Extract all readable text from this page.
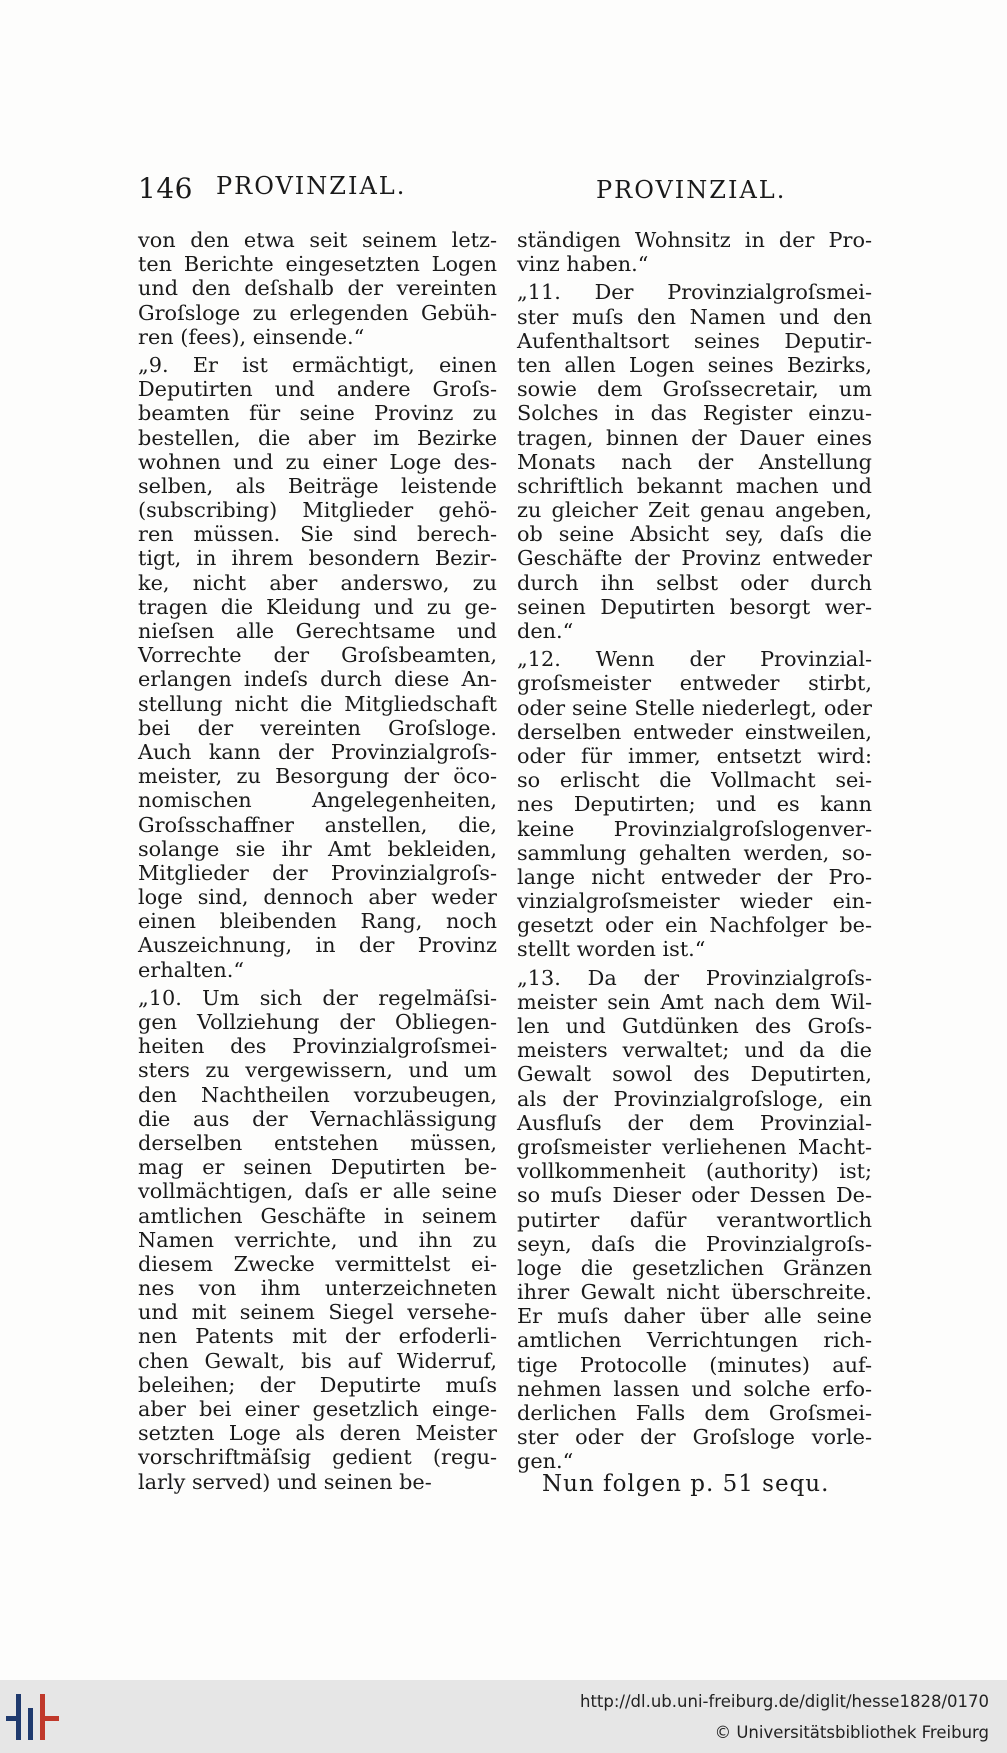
146 PROVINZIAL.	PROVINZIAL.
von den etwa seit seinem letz-
ten Berichte eingesetzten Logen
und den deſshalb der vereinten
Groſsloge zu erlegenden Gebüh-
ren (fees), einsende.“
„9. Er ist ermächtigt, einen
Deputirten und andere Groſs-
beamten für seine Provinz zu
bestellen, die aber im Bezirke
wohnen und zu einer Loge des-
selben, als Beiträge leistende
(subscribing) Mitglieder gehö-
ren müssen. Sie sind berech-
tigt, in ihrem besondern Bezir-
ke, nicht aber anderswo, zu
tragen die Kleidung und zu ge-
nieſsen alle Gerechtsame und
Vorrechte der Groſsbeamten,
erlangen indeſs durch diese An-
stellung nicht die Mitgliedschaft
bei der vereinten Groſsloge.
Auch kann der Provinzialgroſs-
meister, zu Besorgung der öco-
nomischen Angelegenheiten,
Groſsschaffner anstellen, die,
solange sie ihr Amt bekleiden,
Mitglieder der Provinzialgroſs-
loge sind, dennoch aber weder
einen bleibenden Rang, noch
Auszeichnung, in der Provinz
erhalten.“
„10. Um sich der regelmäſsi-
gen Vollziehung der Obliegen-
heiten des Provinzialgroſsmei-
sters zu vergewissern, und um
den Nachtheilen vorzubeugen,
die aus der Vernachlässigung
derselben entstehen müssen,
mag er seinen Deputirten be-
vollmächtigen, daſs er alle seine
amtlichen Geschäfte in seinem
Namen verrichte, und ihn zu
diesem Zwecke vermittelst ei-
nes von ihm unterzeichneten
und mit seinem Siegel versehe-
nen Patents mit der erfoderli-
chen Gewalt, bis auf Widerruf,
beleihen; der Deputirte muſs
aber bei einer gesetzlich einge-
setzten Loge als deren Meister
vorschriftmäſsig gedient (regu-
larly served) und seinen be-
ständigen Wohnsitz in der Pro-
vinz haben.“
„11. Der Provinzialgroſsmei-
ster muſs den Namen und den
Aufenthaltsort seines Deputir-
ten allen Logen seines Bezirks,
sowie dem Groſssecretair, um
Solches in das Register einzu-
tragen, binnen der Dauer eines
Monats nach der Anstellung
schriftlich bekannt machen und
zu gleicher Zeit genau angeben,
ob seine Absicht sey, daſs die
Geschäfte der Provinz entweder
durch ihn selbst oder durch
seinen Deputirten besorgt wer-
den.“
„12. Wenn der Provinzial-
groſsmeister entweder stirbt,
oder seine Stelle niederlegt, oder
derselben entweder einstweilen,
oder für immer, entsetzt wird:
so erlischt die Vollmacht sei-
nes Deputirten; und es kann
keine Provinzialgroſslogenver-
sammlung gehalten werden, so-
lange nicht entweder der Pro-
vinzialgroſsmeister wieder ein-
gesetzt oder ein Nachfolger be-
stellt worden ist.“
„13. Da der Provinzialgroſs-
meister sein Amt nach dem Wil-
len und Gutdünken des Groſs-
meisters verwaltet; und da die
Gewalt sowol des Deputirten,
als der Provinzialgroſsloge, ein
Ausfluſs der dem Provinzial-
groſsmeister verliehenen Macht-
vollkommenheit (authority) ist;
so muſs Dieser oder Dessen De-
putirter dafür verantwortlich
seyn, daſs die Provinzialgroſs-
loge die gesetzlichen Gränzen
ihrer Gewalt nicht überschreite.
Er muſs daher über alle seine
amtlichen Verrichtungen rich-
tige Protocolle (minutes) auf-
nehmen lassen und solche erfo-
derlichen Falls dem Groſsmei-
ster oder der Groſsloge vorle-
gen.“
Nun folgen p. 51 sequ.
http://dl.ub.uni-freiburg.de/diglit/hesse1828/0170
© Universitätsbibliothek Freiburg
